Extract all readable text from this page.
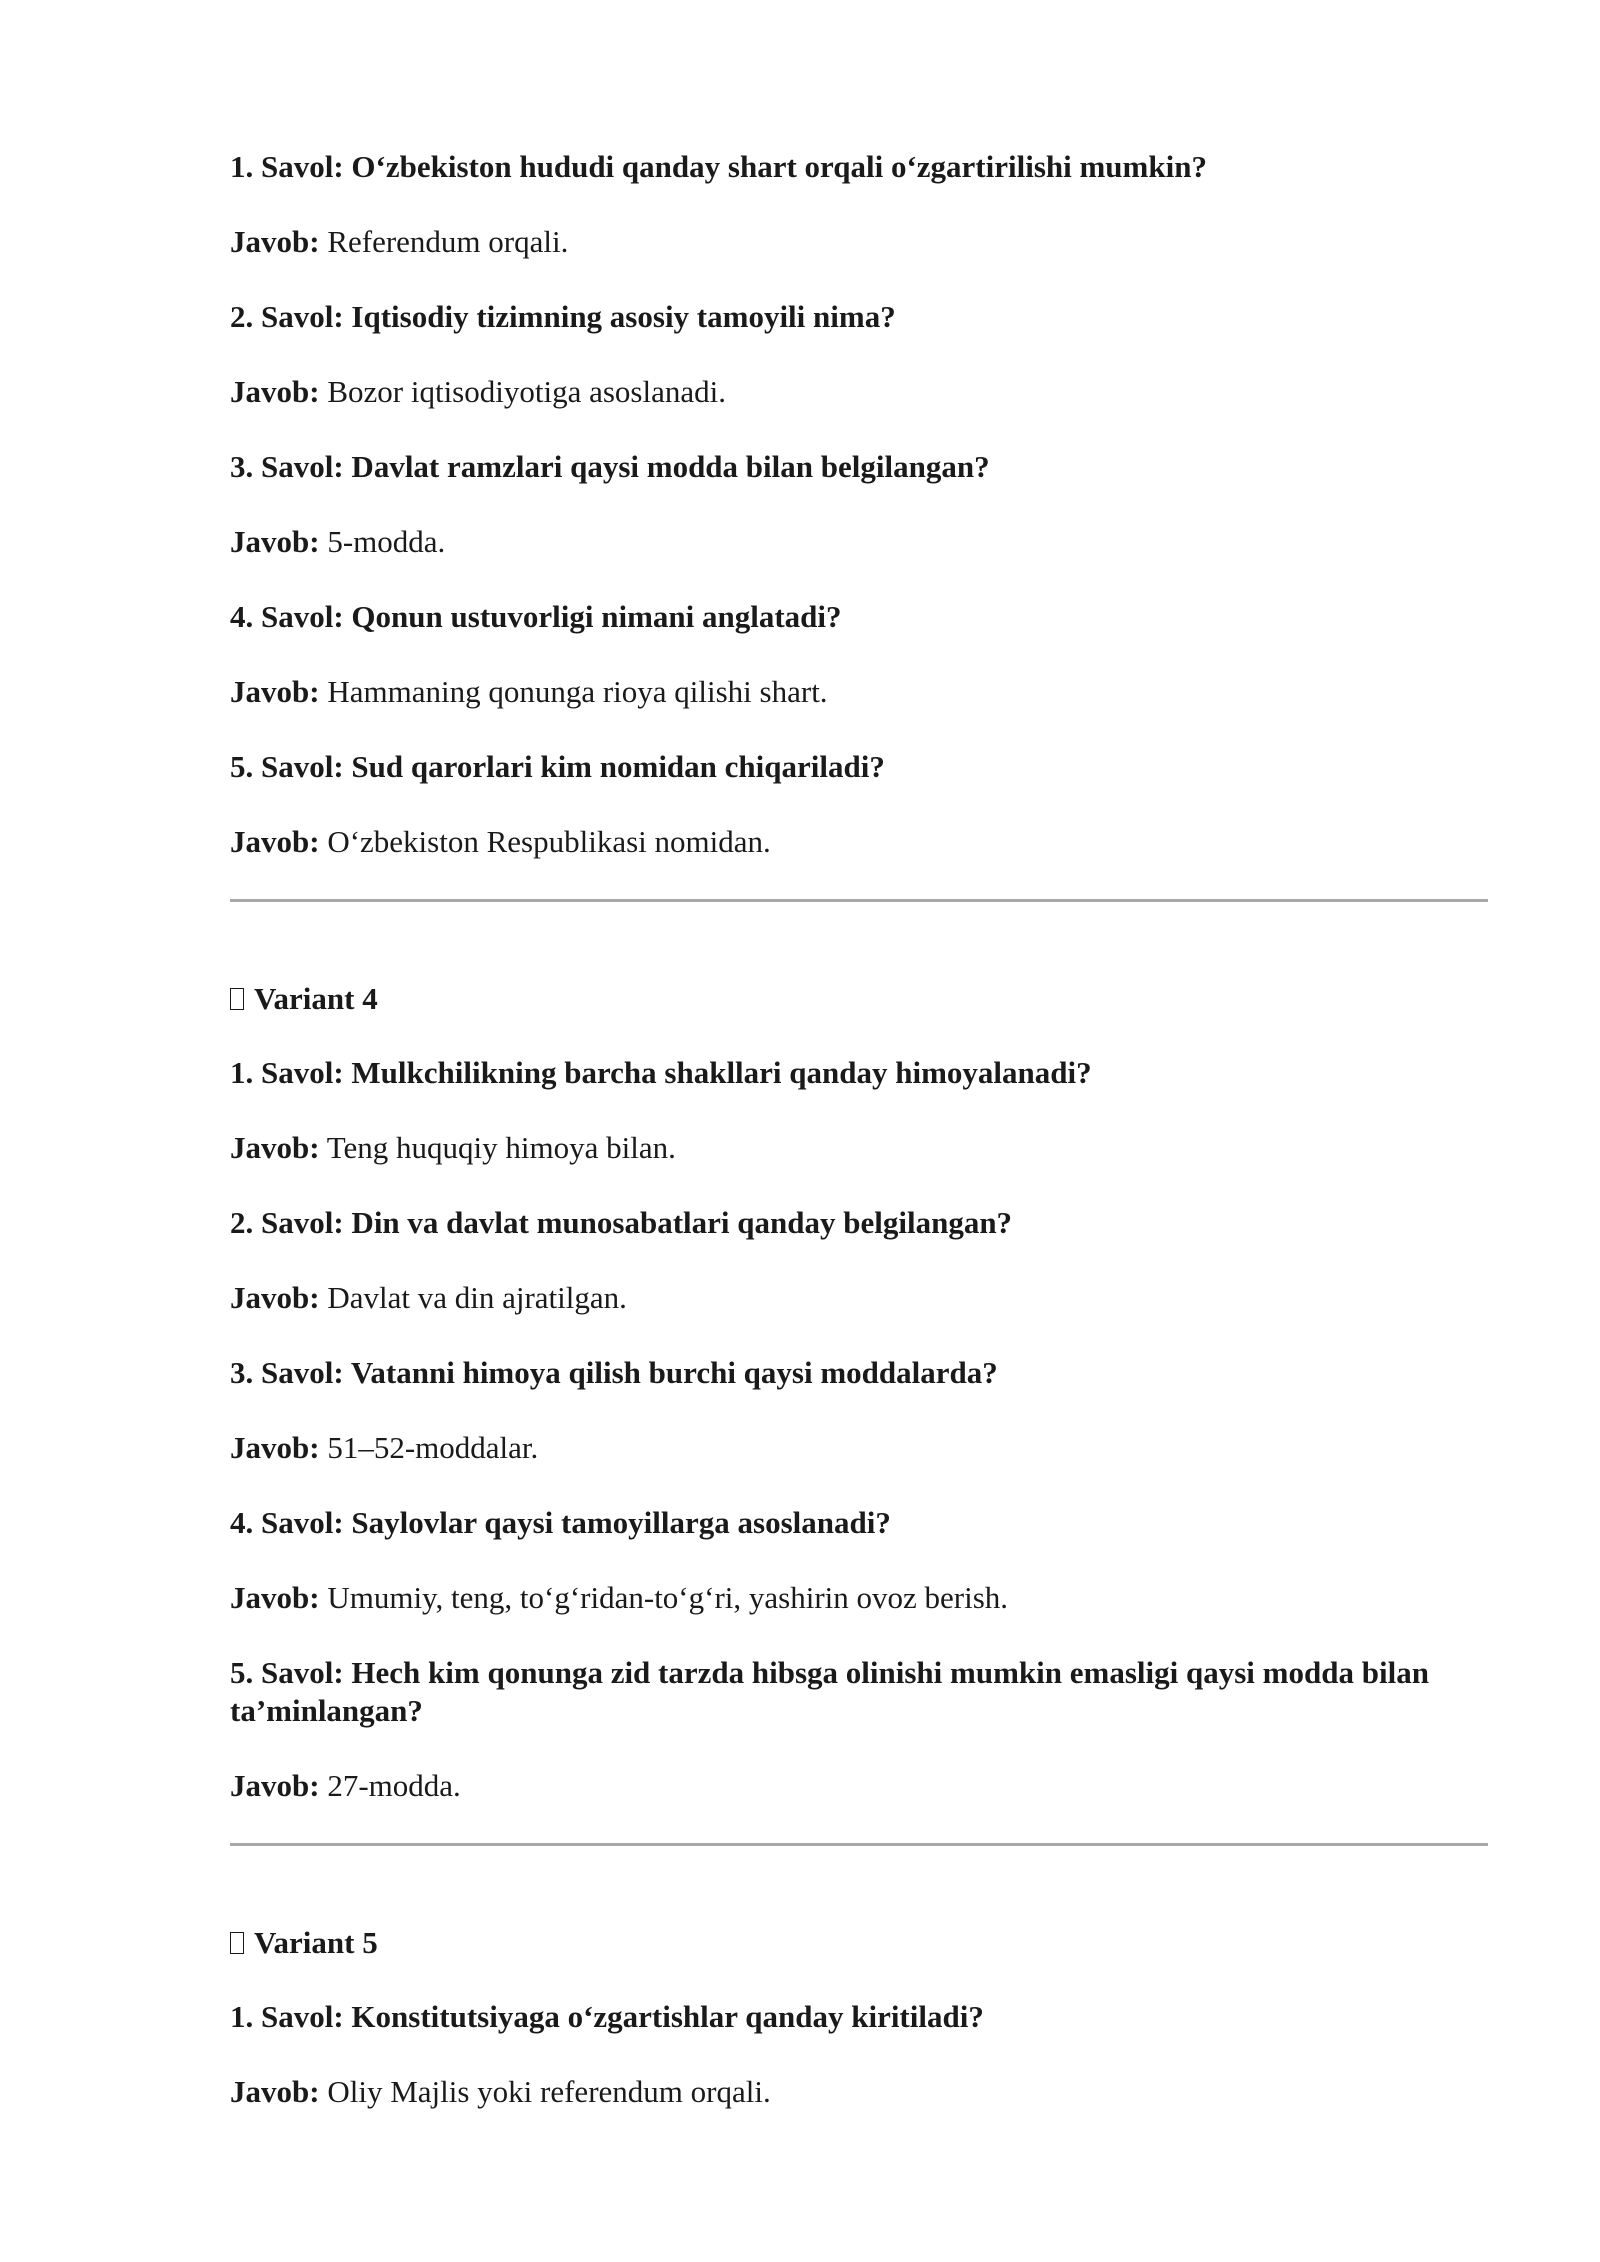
1. Savol: O‘zbekiston hududi qanday shart orqali o‘zgartirilishi mumkin?
Javob: Referendum orqali.
2. Savol: Iqtisodiy tizimning asosiy tamoyili nima?
Javob: Bozor iqtisodiyotiga asoslanadi.
3. Savol: Davlat ramzlari qaysi modda bilan belgilangan?
Javob: 5-modda.
4. Savol: Qonun ustuvorligi nimani anglatadi?
Javob: Hammaning qonunga rioya qilishi shart.
5. Savol: Sud qarorlari kim nomidan chiqariladi?
Javob: O‘zbekiston Respublikasi nomidan.
Variant 4
1. Savol: Mulkchilikning barcha shakllari qanday himoyalanadi?
Javob: Teng huquqiy himoya bilan.
2. Savol: Din va davlat munosabatlari qanday belgilangan?
Javob: Davlat va din ajratilgan.
3. Savol: Vatanni himoya qilish burchi qaysi moddalarda?
Javob: 51–52-moddalar.
4. Savol: Saylovlar qaysi tamoyillarga asoslanadi?
Javob: Umumiy, teng, to‘g‘ridan-to‘g‘ri, yashirin ovoz berish.
5. Savol: Hech kim qonunga zid tarzda hibsga olinishi mumkin emasligi qaysi modda bilan ta’minlangan?
Javob: 27-modda.
Variant 5
1. Savol: Konstitutsiyaga o‘zgartishlar qanday kiritiladi?
Javob: Oliy Majlis yoki referendum orqali.
